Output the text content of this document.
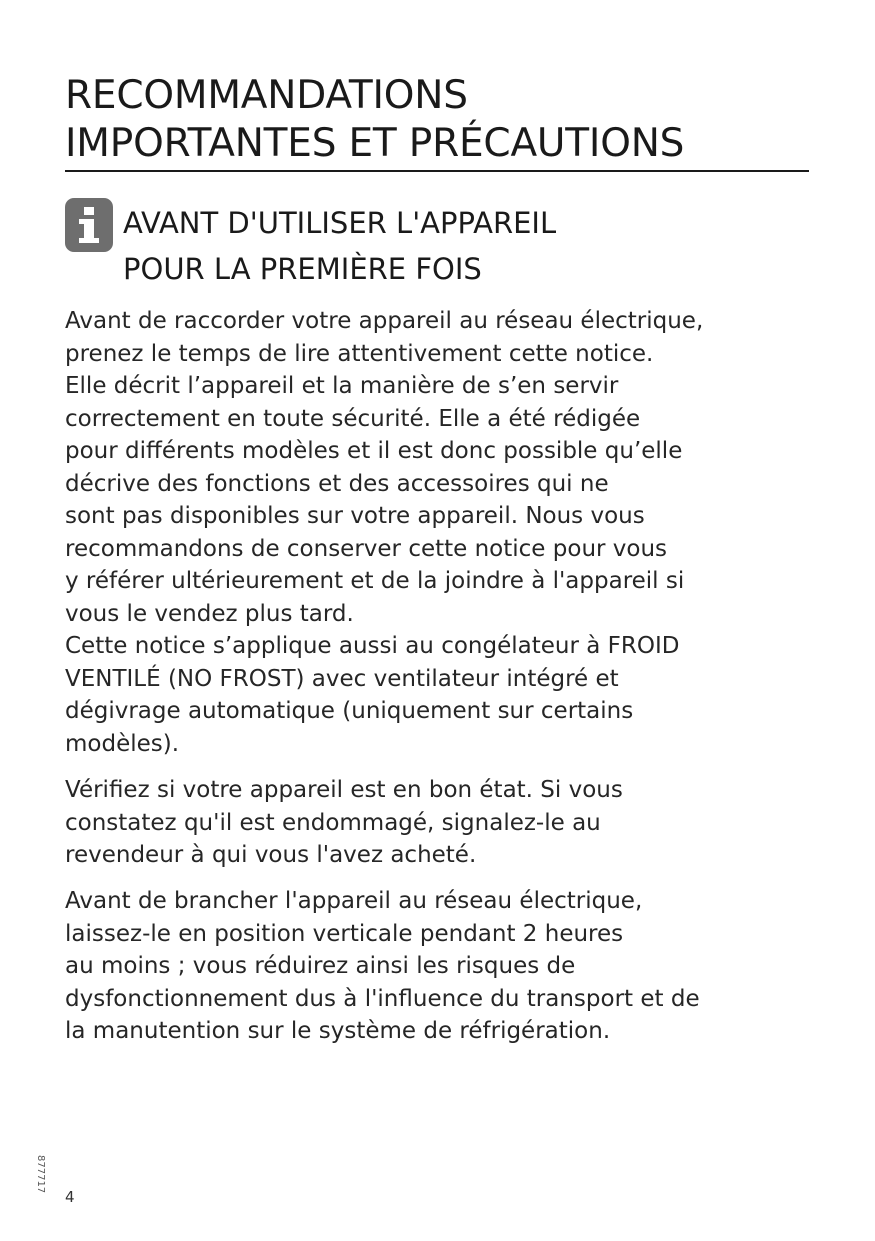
RECOMMANDATIONS
IMPORTANTES ET PRÉCAUTIONS
AVANT D'UTILISER L'APPAREIL
POUR LA PREMIÈRE FOIS
Avant de raccorder votre appareil au réseau électrique,
prenez le temps de lire attentivement cette notice.
Elle décrit l’appareil et la manière de s’en servir
correctement en toute sécurité. Elle a été rédigée
pour différents modèles et il est donc possible qu’elle
décrive des fonctions et des accessoires qui ne
sont pas disponibles sur votre appareil. Nous vous
recommandons de conserver cette notice pour vous
y référer ultérieurement et de la joindre à l'appareil si
vous le vendez plus tard.
Cette notice s’applique aussi au congélateur à FROID
VENTILÉ (NO FROST) avec ventilateur intégré et
dégivrage automatique (uniquement sur certains
modèles).
Vérifiez si votre appareil est en bon état. Si vous
constatez qu'il est endommagé, signalez-le au
revendeur à qui vous l'avez acheté.
Avant de brancher l'appareil au réseau électrique,
laissez-le en position verticale pendant 2 heures
au moins ; vous réduirez ainsi les risques de
dysfonctionnement dus à l'influence du transport et de
la manutention sur le système de réfrigération.
877717
4
